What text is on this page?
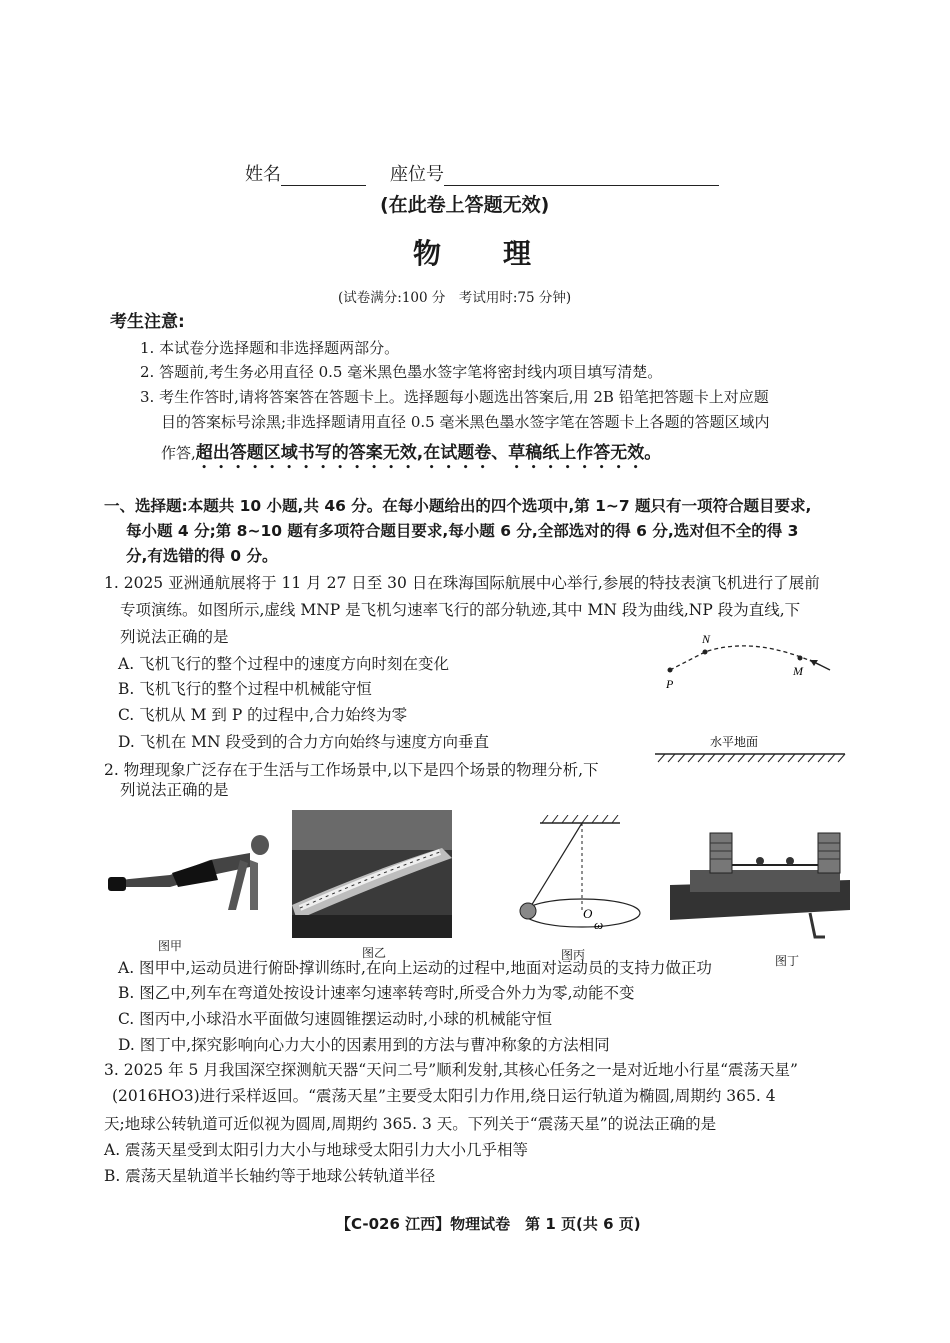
姓名	座位号
(在此卷上答题无效)
物　　理
(试卷满分:100 分　考试用时:75 分钟)
考生注意:
1. 本试卷分选择题和非选择题两部分。
2. 答题前,考生务必用直径 0.5 毫米黑色墨水签字笔将密封线内项目填写清楚。
3. 考生作答时,请将答案答在答题卡上。选择题每小题选出答案后,用 2B 铅笔把答题卡上对应题
目的答案标号涂黑;非选择题请用直径 0.5 毫米黑色墨水签字笔在答题卡上各题的答题区域内
作答,超出答题区域书写的答案无效,在试题卷、草稿纸上作答无效。
一、选择题:本题共 10 小题,共 46 分。在每小题给出的四个选项中,第 1~7 题只有一项符合题目要求,
每小题 4 分;第 8~10 题有多项符合题目要求,每小题 6 分,全部选对的得 6 分,选对但不全的得 3
分,有选错的得 0 分。
1. 2025 亚洲通航展将于 11 月 27 日至 30 日在珠海国际航展中心举行,参展的特技表演飞机进行了展前
专项演练。如图所示,虚线 MNP 是飞机匀速率飞行的部分轨迹,其中 MN 段为曲线,NP 段为直线,下
列说法正确的是
A. 飞机飞行的整个过程中的速度方向时刻在变化
B. 飞机飞行的整个过程中机械能守恒
C. 飞机从 M 到 P 的过程中,合力始终为零
D. 飞机在 MN 段受到的合力方向始终与速度方向垂直
P
N
M
水平地面
2. 物理现象广泛存在于生活与工作场景中,以下是四个场景的物理分析,下
列说法正确的是
图甲	图乙
O
ω
图丙	图丁
A. 图甲中,运动员进行俯卧撑训练时,在向上运动的过程中,地面对运动员的支持力做正功
B. 图乙中,列车在弯道处按设计速率匀速率转弯时,所受合外力为零,动能不变
C. 图丙中,小球沿水平面做匀速圆锥摆运动时,小球的机械能守恒
D. 图丁中,探究影响向心力大小的因素用到的方法与曹冲称象的方法相同
3. 2025 年 5 月我国深空探测航天器“天问二号”顺利发射,其核心任务之一是对近地小行星“震荡天星”
(2016HO3)进行采样返回。“震荡天星”主要受太阳引力作用,绕日运行轨道为椭圆,周期约 365. 4
天;地球公转轨道可近似视为圆周,周期约 365. 3 天。下列关于“震荡天星”的说法正确的是
A. 震荡天星受到太阳引力大小与地球受太阳引力大小几乎相等
B. 震荡天星轨道半长轴约等于地球公转轨道半径
【C-026 江西】物理试卷　第 1 页(共 6 页)
